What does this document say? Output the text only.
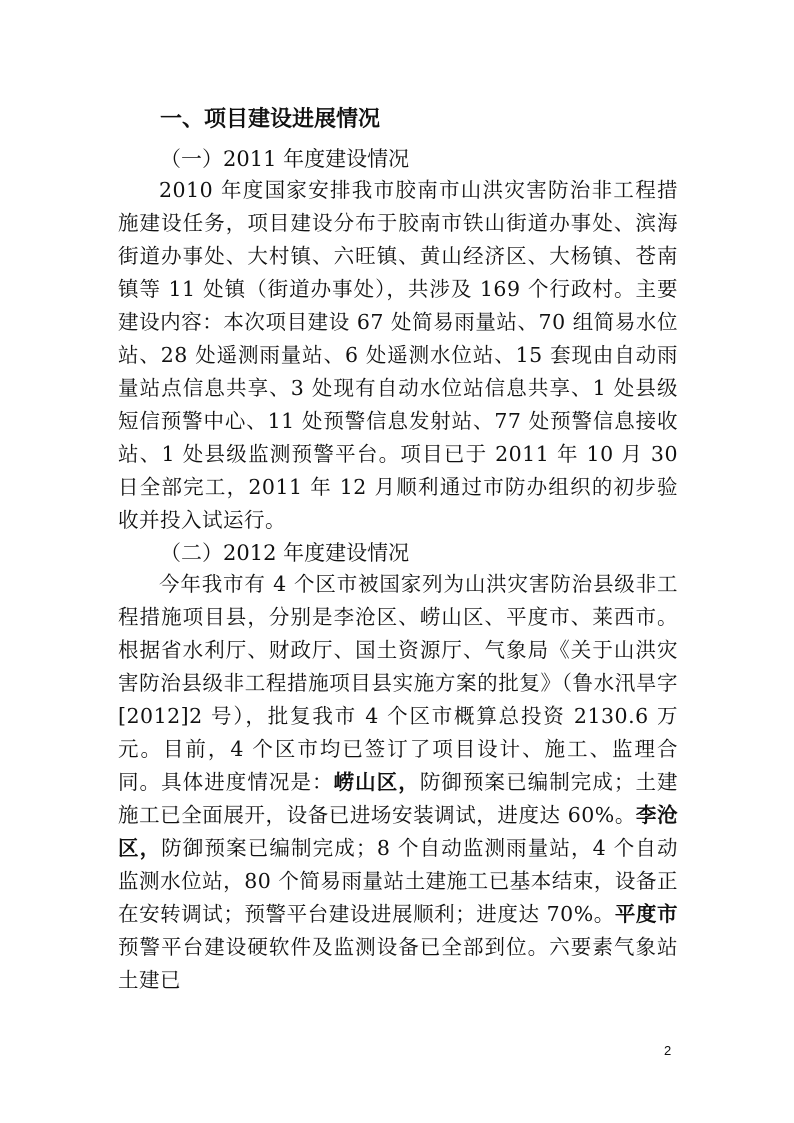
一、项目建设进展情况
（一）2011 年度建设情况

2010 年度国家安排我市胶南市山洪灾害防治非工程措施建设任务，项目建设分布于胶南市铁山街道办事处、滨海街道办事处、大村镇、六旺镇、黄山经济区、大杨镇、苍南镇等 11 处镇（街道办事处），共涉及 169 个行政村。主要建设内容：本次项目建设 67 处简易雨量站、70 组简易水位站、28 处遥测雨量站、6 处遥测水位站、15 套现由自动雨量站点信息共享、3 处现有自动水位站信息共享、1 处县级短信预警中心、11 处预警信息发射站、77 处预警信息接收站、1 处县级监测预警平台。项目已于 2011 年 10 月 30 日全部完工，2011 年 12 月顺利通过市防办组织的初步验收并投入试运行。

（二）2012 年度建设情况

今年我市有 4 个区市被国家列为山洪灾害防治县级非工程措施项目县，分别是李沧区、崂山区、平度市、莱西市。根据省水利厅、财政厅、国土资源厅、气象局《关于山洪灾害防治县级非工程措施项目县实施方案的批复》（鲁水汛旱字[2012]2 号），批复我市 4 个区市概算总投资 2130.6 万元。目前，4 个区市均已签订了项目设计、施工、监理合同。具体进度情况是：崂山区，防御预案已编制完成；土建施工已全面展开，设备已进场安装调试，进度达 60%。李沧区，防御预案已编制完成；8 个自动监测雨量站，4 个自动监测水位站，80 个简易雨量站土建施工已基本结束，设备正在安转调试；预警平台建设进展顺利；进度达 70%。平度市预警平台建设硬软件及监测设备已全部到位。六要素气象站土建已

2
